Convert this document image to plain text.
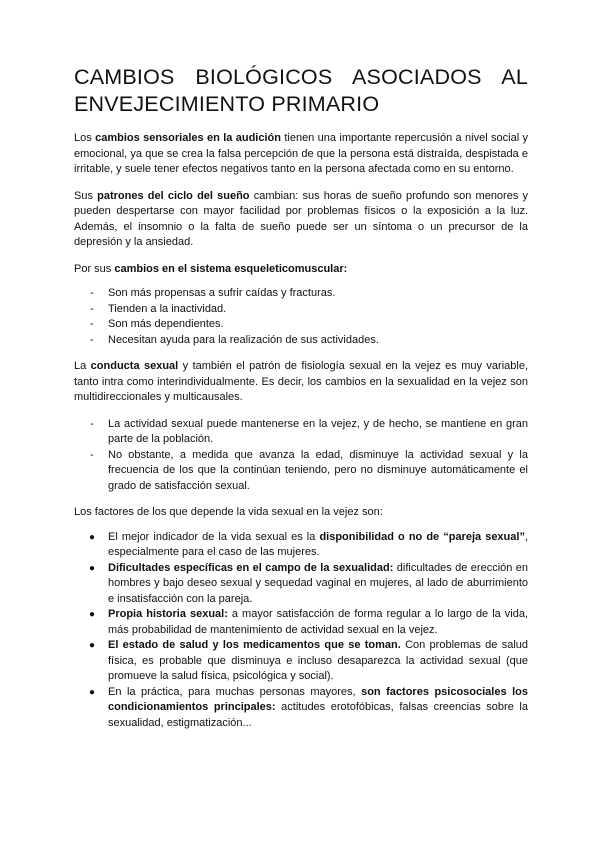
CAMBIOS BIOLÓGICOS ASOCIADOS AL ENVEJECIMIENTO PRIMARIO

Los cambios sensoriales en la audición tienen una importante repercusión a nivel social y emocional, ya que se crea la falsa percepción de que la persona está distraída, despistada e irritable, y suele tener efectos negativos tanto en la persona afectada como en su entorno.

Sus patrones del ciclo del sueño cambian: sus horas de sueño profundo son menores y pueden despertarse con mayor facilidad por problemas físicos o la exposición a la luz. Además, el insomnio o la falta de sueño puede ser un síntoma o un precursor de la depresión y la ansiedad.

Por sus cambios en el sistema esqueleticomuscular:

- Son más propensas a sufrir caídas y fracturas.
- Tienden a la inactividad.
- Son más dependientes.
- Necesitan ayuda para la realización de sus actividades.

La conducta sexual y también el patrón de fisiología sexual en la vejez es muy variable, tanto intra como interindividualmente. Es decir, los cambios en la sexualidad en la vejez son multidireccionales y multicausales.

- La actividad sexual puede mantenerse en la vejez, y de hecho, se mantiene en gran parte de la población.
- No obstante, a medida que avanza la edad, disminuye la actividad sexual y la frecuencia de los que la continúan teniendo, pero no disminuye automáticamente el grado de satisfacción sexual.

Los factores de los que depende la vida sexual en la vejez son:

● El mejor indicador de la vida sexual es la disponibilidad o no de “pareja sexual”, especialmente para el caso de las mujeres.
● Dificultades específicas en el campo de la sexualidad: dificultades de erección en hombres y bajo deseo sexual y sequedad vaginal en mujeres, al lado de aburrimiento e insatisfacción con la pareja.
● Propia historia sexual: a mayor satisfacción de forma regular a lo largo de la vida, más probabilidad de mantenimiento de actividad sexual en la vejez.
● El estado de salud y los medicamentos que se toman. Con problemas de salud física, es probable que disminuya e incluso desaparezca la actividad sexual (que promueve la salud física, psicológica y social).
● En la práctica, para muchas personas mayores, son factores psicosociales los condicionamientos principales: actitudes erotofóbicas, falsas creencias sobre la sexualidad, estigmatización...
